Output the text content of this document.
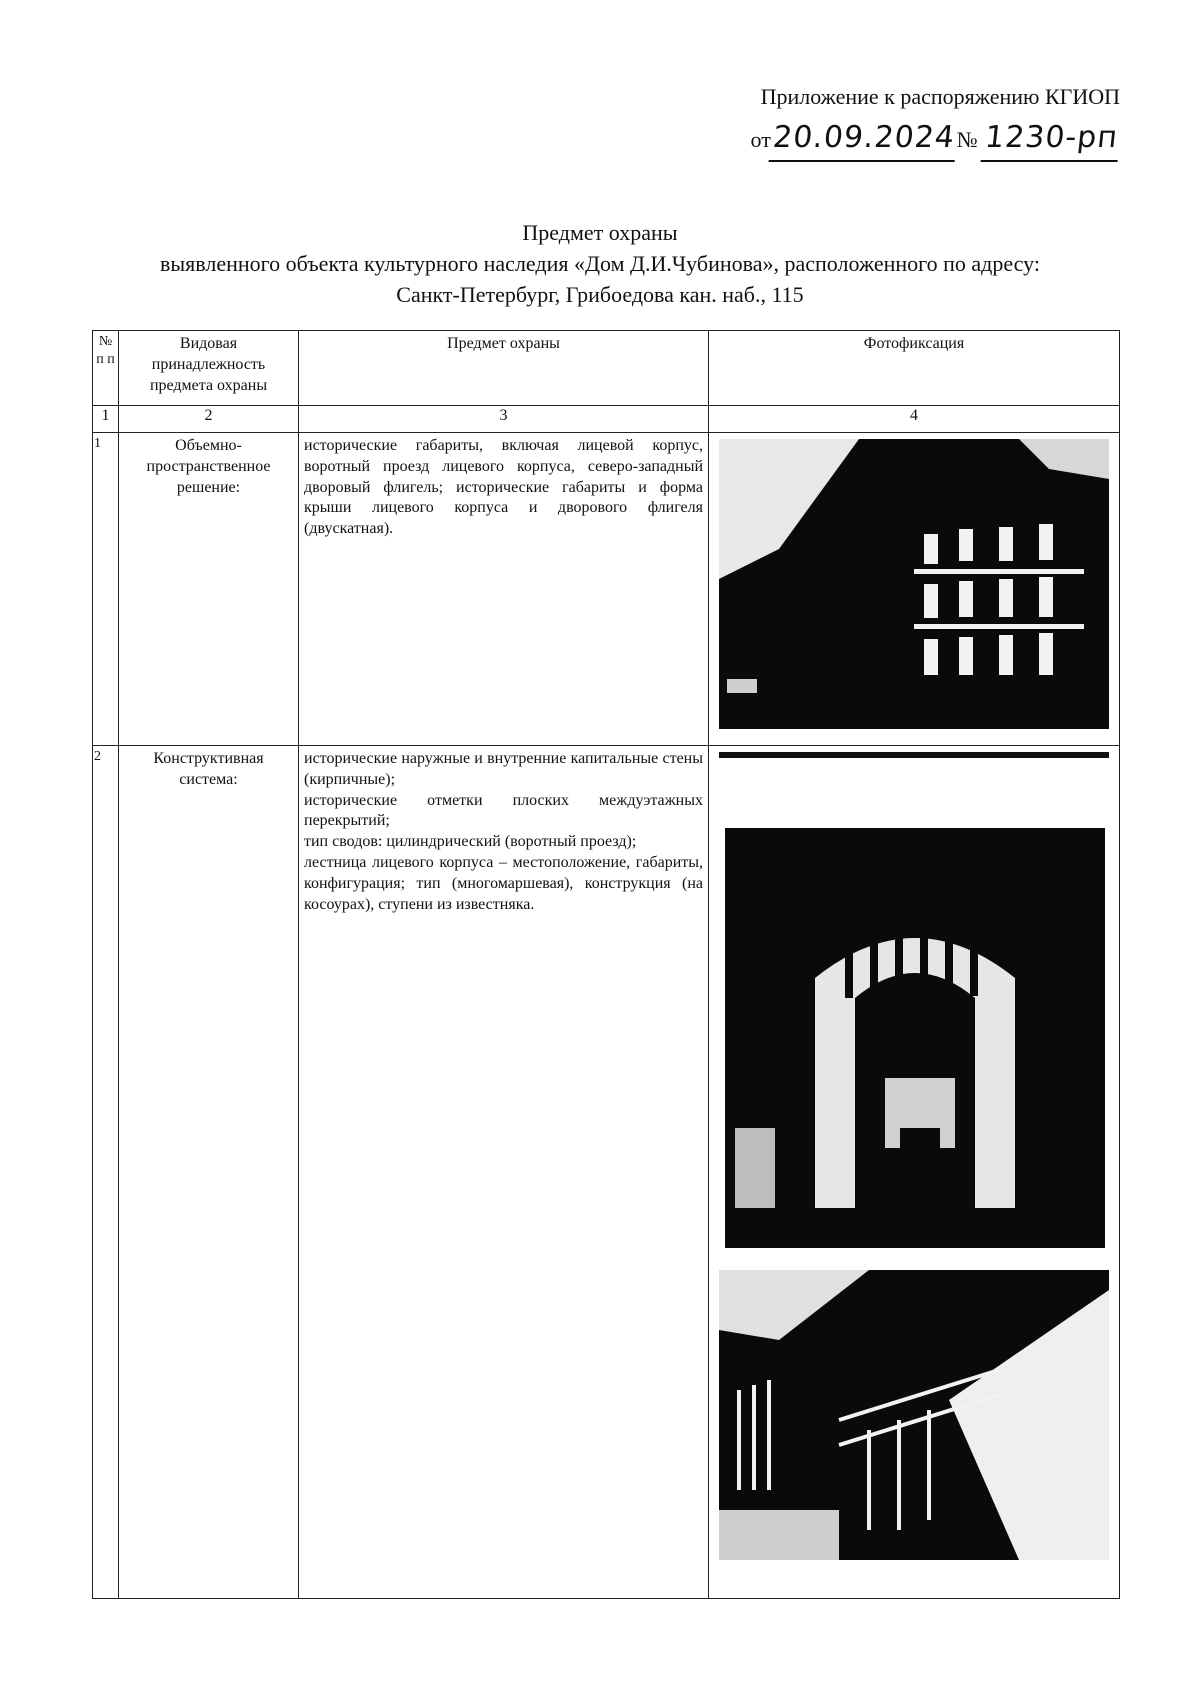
Приложение к распоряжению КГИОП
от20.09.2024№ 1230-рп
Предмет охраны
выявленного объекта культурного наследия «Дом Д.И.Чубинова», расположенного по адресу:
Санкт-Петербург, Грибоедова кан. наб., 115
№ п п	Видовая принадлежность предмета охраны	Предмет охраны	Фотофиксация
1	2	3	4
1	Объемно-пространственное решение:	исторические габариты, включая лицевой корпус, воротный проезд лицевого корпуса, северо-западный дворовый флигель; исторические габариты и форма крыши лицевого корпуса и дворового флигеля (двускатная).	

2	Конструктивная система:	исторические наружные и внутренние капитальные стены (кирпичные);
исторические отметки плоских междуэтажных перекрытий;
тип сводов: цилиндрический (воротный проезд);
лестница лицевого корпуса – местоположение, габариты, конфигурация; тип (многомаршевая), конструкция (на косоурах), ступени из известняка.
